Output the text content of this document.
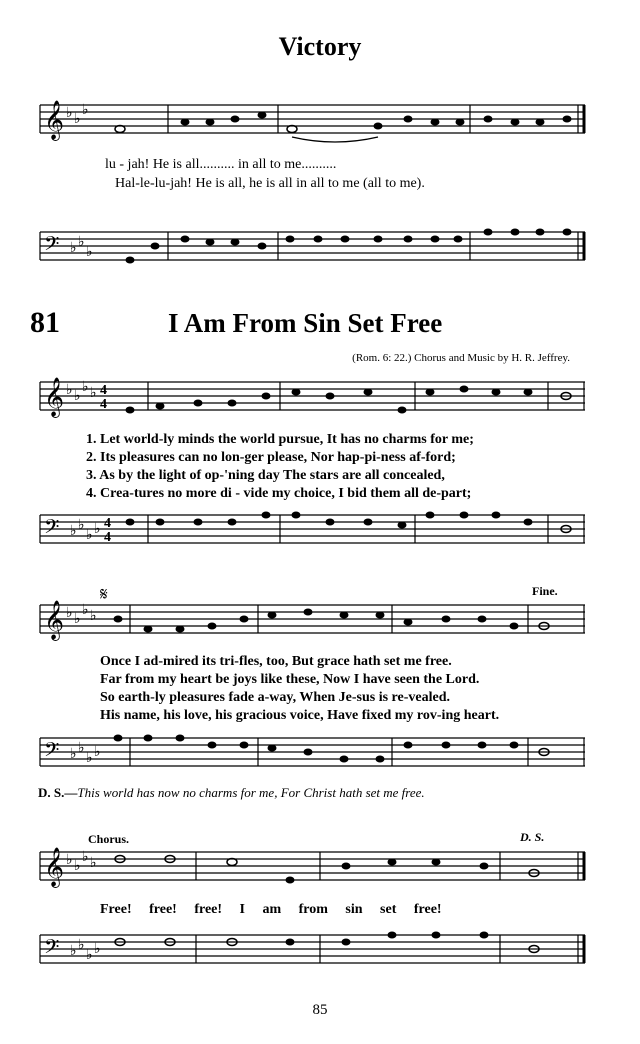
Victory
𝄞 ♭ ♭
♭
lu - jah! He is all.......... in all to me..........
Hal-le-lu-jah! He is all, he is all in all to me (all to me).
𝄢 ♭ ♭
♭
81	I Am From Sin Set Free
(Rom. 6: 22.) Chorus and Music by H. R. Jeffrey.
𝄞 ♭ ♭
♭ ♭ 4
4
1. Let world-ly minds the world pursue, It has no charms for me;
2. Its pleasures can no lon-ger please, Nor hap-pi-ness af-ford;
3. As by the light of op-'ning day The stars are all concealed,
4. Crea-tures no more di - vide my choice, I bid them all de-part;
𝄢 ♭ ♭
♭ ♭ 4
4
𝄋	Fine.
𝄞 ♭ ♭
♭ ♭
Once I ad-mired its tri-fles, too, But grace hath set me free.
Far from my heart be joys like these, Now I have seen the Lord.
So earth-ly pleasures fade a-way, When Je-sus is re-vealed.
His name, his love, his gracious voice, Have fixed my rov-ing heart.
𝄢 ♭ ♭
♭ ♭
D. S.—This world has now no charms for me, For Christ hath set me free.
Chorus.	D. S.
𝄞 ♭ ♭
♭ ♭
Free! free! free! I am from sin set free!
𝄢 ♭ ♭
♭ ♭
85
